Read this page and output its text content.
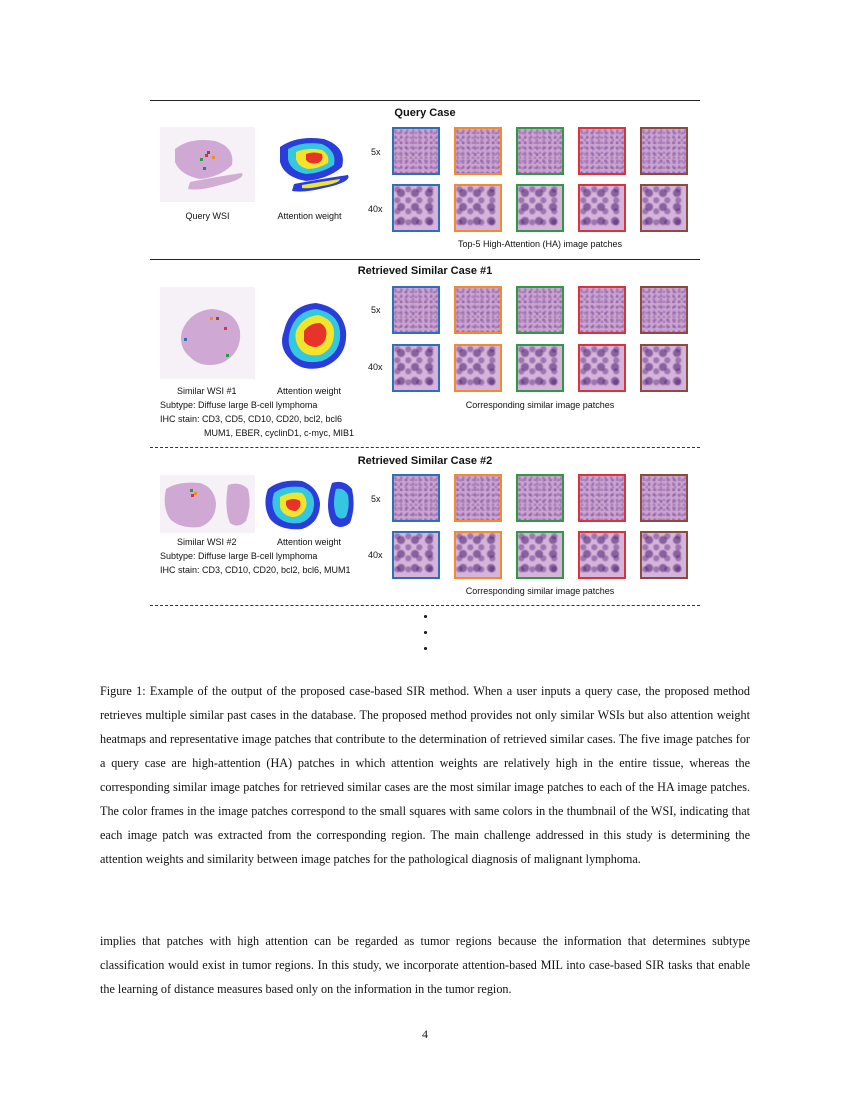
Query Case
Query WSI	Attention weight
5x
40x
Top-5 High-Attention (HA) image patches
Retrieved Similar Case #1
Similar WSI #1	Attention weight
Subtype: Diffuse large B-cell lymphoma
IHC stain: CD3, CD5, CD10, CD20, bcl2, bcl6
MUM1, EBER, cyclinD1, c-myc, MIB1
5x
40x
Corresponding similar image patches
Retrieved Similar Case #2
Similar WSI #2	Attention weight
Subtype: Diffuse large B-cell lymphoma
IHC stain: CD3, CD10, CD20, bcl2, bcl6, MUM1
5x
40x
Corresponding similar image patches
Figure 1: Example of the output of the proposed case-based SIR method. When a user inputs a query case, the proposed method retrieves multiple similar past cases in the database. The proposed method provides not only similar WSIs but also attention weight heatmaps and representative image patches that contribute to the determination of retrieved similar cases. The five image patches for a query case are high-attention (HA) patches in which attention weights are relatively high in the entire tissue, whereas the corresponding similar image patches for retrieved similar cases are the most similar image patches to each of the HA image patches. The color frames in the image patches correspond to the small squares with same colors in the thumbnail of the WSI, indicating that each image patch was extracted from the corresponding region. The main challenge addressed in this study is determining the attention weights and similarity between image patches for the pathological diagnosis of malignant lymphoma.
implies that patches with high attention can be regarded as tumor regions because the information that determines subtype classification would exist in tumor regions. In this study, we incorporate attention-based MIL into case-based SIR tasks that enable the learning of distance measures based only on the information in the tumor region.
4
